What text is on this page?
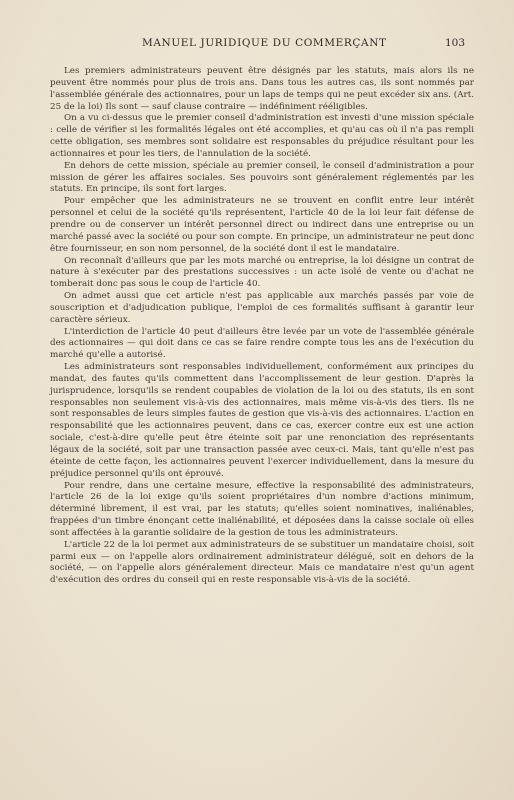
MANUEL JURIDIQUE DU COMMERÇANT	103

Les premiers administrateurs peuvent être désignés par les statuts, mais alors ils ne peuvent être nommés pour plus de trois ans. Dans tous les autres cas, ils sont nommés par l'assemblée générale des actionnaires, pour un laps de temps qui ne peut excéder six ans. (Art. 25 de la loi) Ils sont — sauf clause contraire — indéfiniment rééligibles.

On a vu ci-dessus que le premier conseil d'administration est investi d'une mission spéciale : celle de vérifier si les formalités légales ont été accomplies, et qu'au cas où il n'a pas rempli cette obligation, ses membres sont solidaire est responsables du préjudice résultant pour les actionnaires et pour les tiers, de l'annulation de la société.

En dehors de cette mission, spéciale au premier conseil, le conseil d'administration a pour mission de gérer les affaires sociales. Ses pouvoirs sont généralement réglementés par les statuts. En principe, ils sont fort larges.

Pour empêcher que les administrateurs ne se trouvent en conflit entre leur intérêt personnel et celui de la société qu'ils représentent, l'article 40 de la loi leur fait défense de prendre ou de conserver un intérêt personnel direct ou indirect dans une entreprise ou un marché passé avec la société ou pour son compte. En principe, un administrateur ne peut donc être fournisseur, en son nom personnel, de la société dont il est le mandataire.

On reconnaît d'ailleurs que par les mots marché ou entreprise, la loi désigne un contrat de nature à s'exécuter par des prestations successives : un acte isolé de vente ou d'achat ne tomberait donc pas sous le coup de l'article 40.

On admet aussi que cet article n'est pas applicable aux marchés passés par voie de souscription et d'adjudication publique, l'emploi de ces formalités suffisant à garantir leur caractère sérieux.

L'interdiction de l'article 40 peut d'ailleurs être levée par un vote de l'assemblée générale des actionnaires — qui doit dans ce cas se faire rendre compte tous les ans de l'exécution du marché qu'elle a autorisé.

Les administrateurs sont responsables individuellement, conformément aux principes du mandat, des fautes qu'ils commettent dans l'accomplissement de leur gestion. D'après la jurisprudence, lorsqu'ils se rendent coupables de violation de la loi ou des statuts, ils en sont responsables non seulement vis-à-vis des actionnaires, mais même vis-à-vis des tiers. Ils ne sont responsables de leurs simples fautes de gestion que vis-à-vis des actionnaires. L'action en responsabilité que les actionnaires peuvent, dans ce cas, exercer contre eux est une action sociale, c'est-à-dire qu'elle peut être éteinte soit par une renonciation des représentants légaux de la société, soit par une transaction passée avec ceux-ci. Mais, tant qu'elle n'est pas éteinte de cette façon, les actionnaires peuvent l'exercer individuellement, dans la mesure du préjudice personnel qu'ils ont éprouvé.

Pour rendre, dans une certaine mesure, effective la responsabilité des administrateurs, l'article 26 de la loi exige qu'ils soient propriétaires d'un nombre d'actions minimum, déterminé librement, il est vrai, par les statuts; qu'elles soient nominatives, inaliénables, frappées d'un timbre énonçant cette inaliénabilité, et déposées dans la caisse sociale où elles sont affectées à la garantie solidaire de la gestion de tous les administrateurs.

L'article 22 de la loi permet aux administrateurs de se substituer un mandataire choisi, soit parmi eux — on l'appelle alors ordinairement administrateur délégué, soit en dehors de la société, — on l'appelle alors généralement directeur. Mais ce mandataire n'est qu'un agent d'exécution des ordres du conseil qui en reste responsable vis-à-vis de la société.
